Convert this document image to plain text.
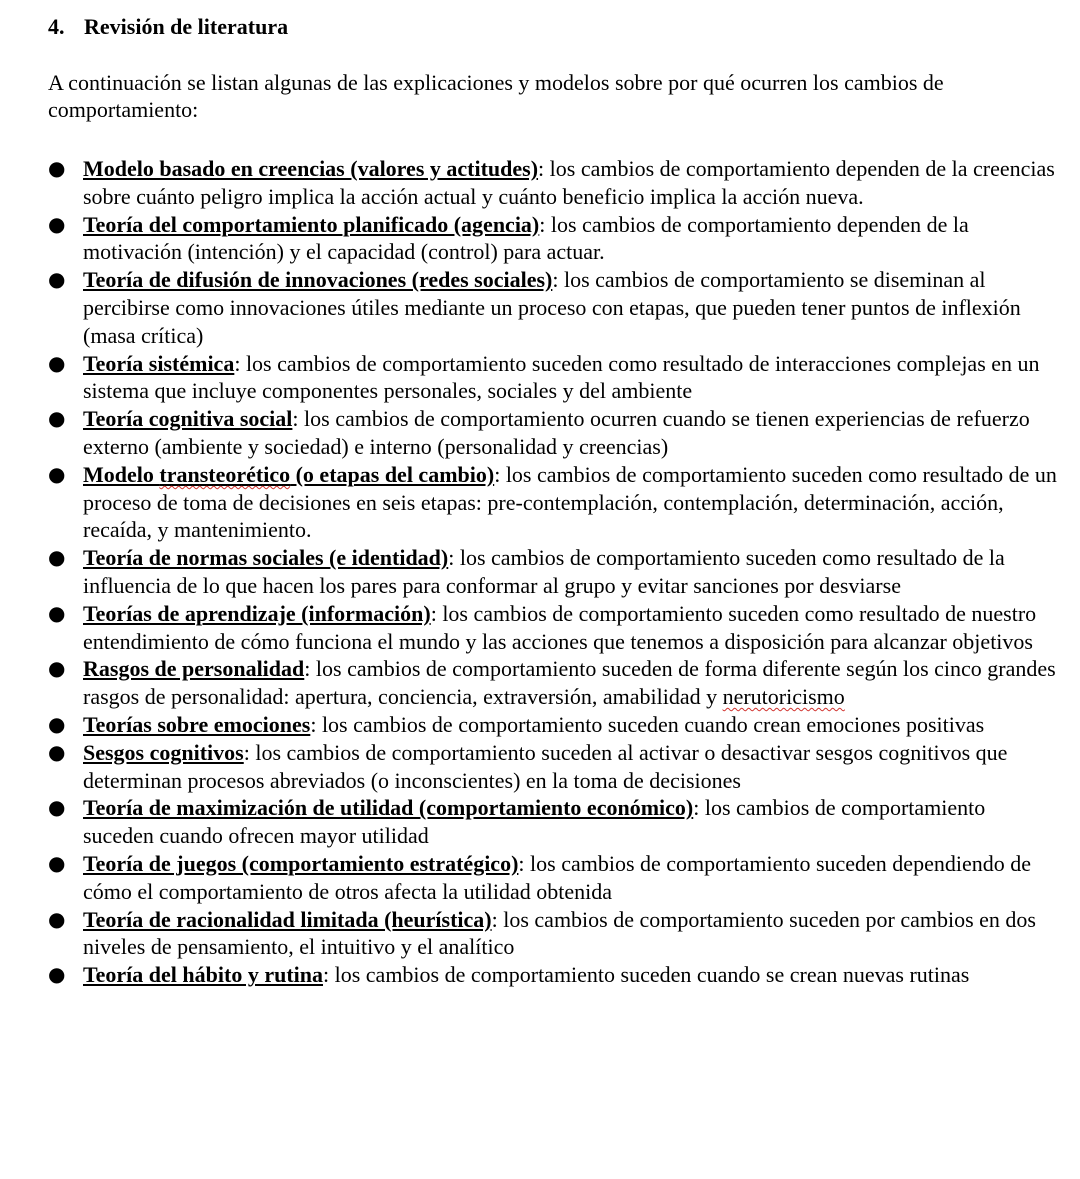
4. Revisión de literatura

A continuación se listan algunas de las explicaciones y modelos sobre por qué ocurren los cambios de comportamiento:

● Modelo basado en creencias (valores y actitudes): los cambios de comportamiento dependen de la creencias sobre cuánto peligro implica la acción actual y cuánto beneficio implica la acción nueva.
● Teoría del comportamiento planificado (agencia): los cambios de comportamiento dependen de la motivación (intención) y el capacidad (control) para actuar.
● Teoría de difusión de innovaciones (redes sociales): los cambios de comportamiento se diseminan al percibirse como innovaciones útiles mediante un proceso con etapas, que pueden tener puntos de inflexión (masa crítica)
● Teoría sistémica: los cambios de comportamiento suceden como resultado de interacciones complejas en un sistema que incluye componentes personales, sociales y del ambiente
● Teoría cognitiva social: los cambios de comportamiento ocurren cuando se tienen experiencias de refuerzo externo (ambiente y sociedad) e interno (personalidad y creencias)
● Modelo transteorético (o etapas del cambio): los cambios de comportamiento suceden como resultado de un proceso de toma de decisiones en seis etapas: pre-contemplación, contemplación, determinación, acción, recaída, y mantenimiento.
● Teoría de normas sociales (e identidad): los cambios de comportamiento suceden como resultado de la influencia de lo que hacen los pares para conformar al grupo y evitar sanciones por desviarse
● Teorías de aprendizaje (información): los cambios de comportamiento suceden como resultado de nuestro entendimiento de cómo funciona el mundo y las acciones que tenemos a disposición para alcanzar objetivos
● Rasgos de personalidad: los cambios de comportamiento suceden de forma diferente según los cinco grandes rasgos de personalidad: apertura, conciencia, extraversión, amabilidad y nerutoricismo
● Teorías sobre emociones: los cambios de comportamiento suceden cuando crean emociones positivas
● Sesgos cognitivos: los cambios de comportamiento suceden al activar o desactivar sesgos cognitivos que determinan procesos abreviados (o inconscientes) en la toma de decisiones
● Teoría de maximización de utilidad (comportamiento económico): los cambios de comportamiento suceden cuando ofrecen mayor utilidad
● Teoría de juegos (comportamiento estratégico): los cambios de comportamiento suceden dependiendo de cómo el comportamiento de otros afecta la utilidad obtenida
● Teoría de racionalidad limitada (heurística): los cambios de comportamiento suceden por cambios en dos niveles de pensamiento, el intuitivo y el analítico
● Teoría del hábito y rutina: los cambios de comportamiento suceden cuando se crean nuevas rutinas
